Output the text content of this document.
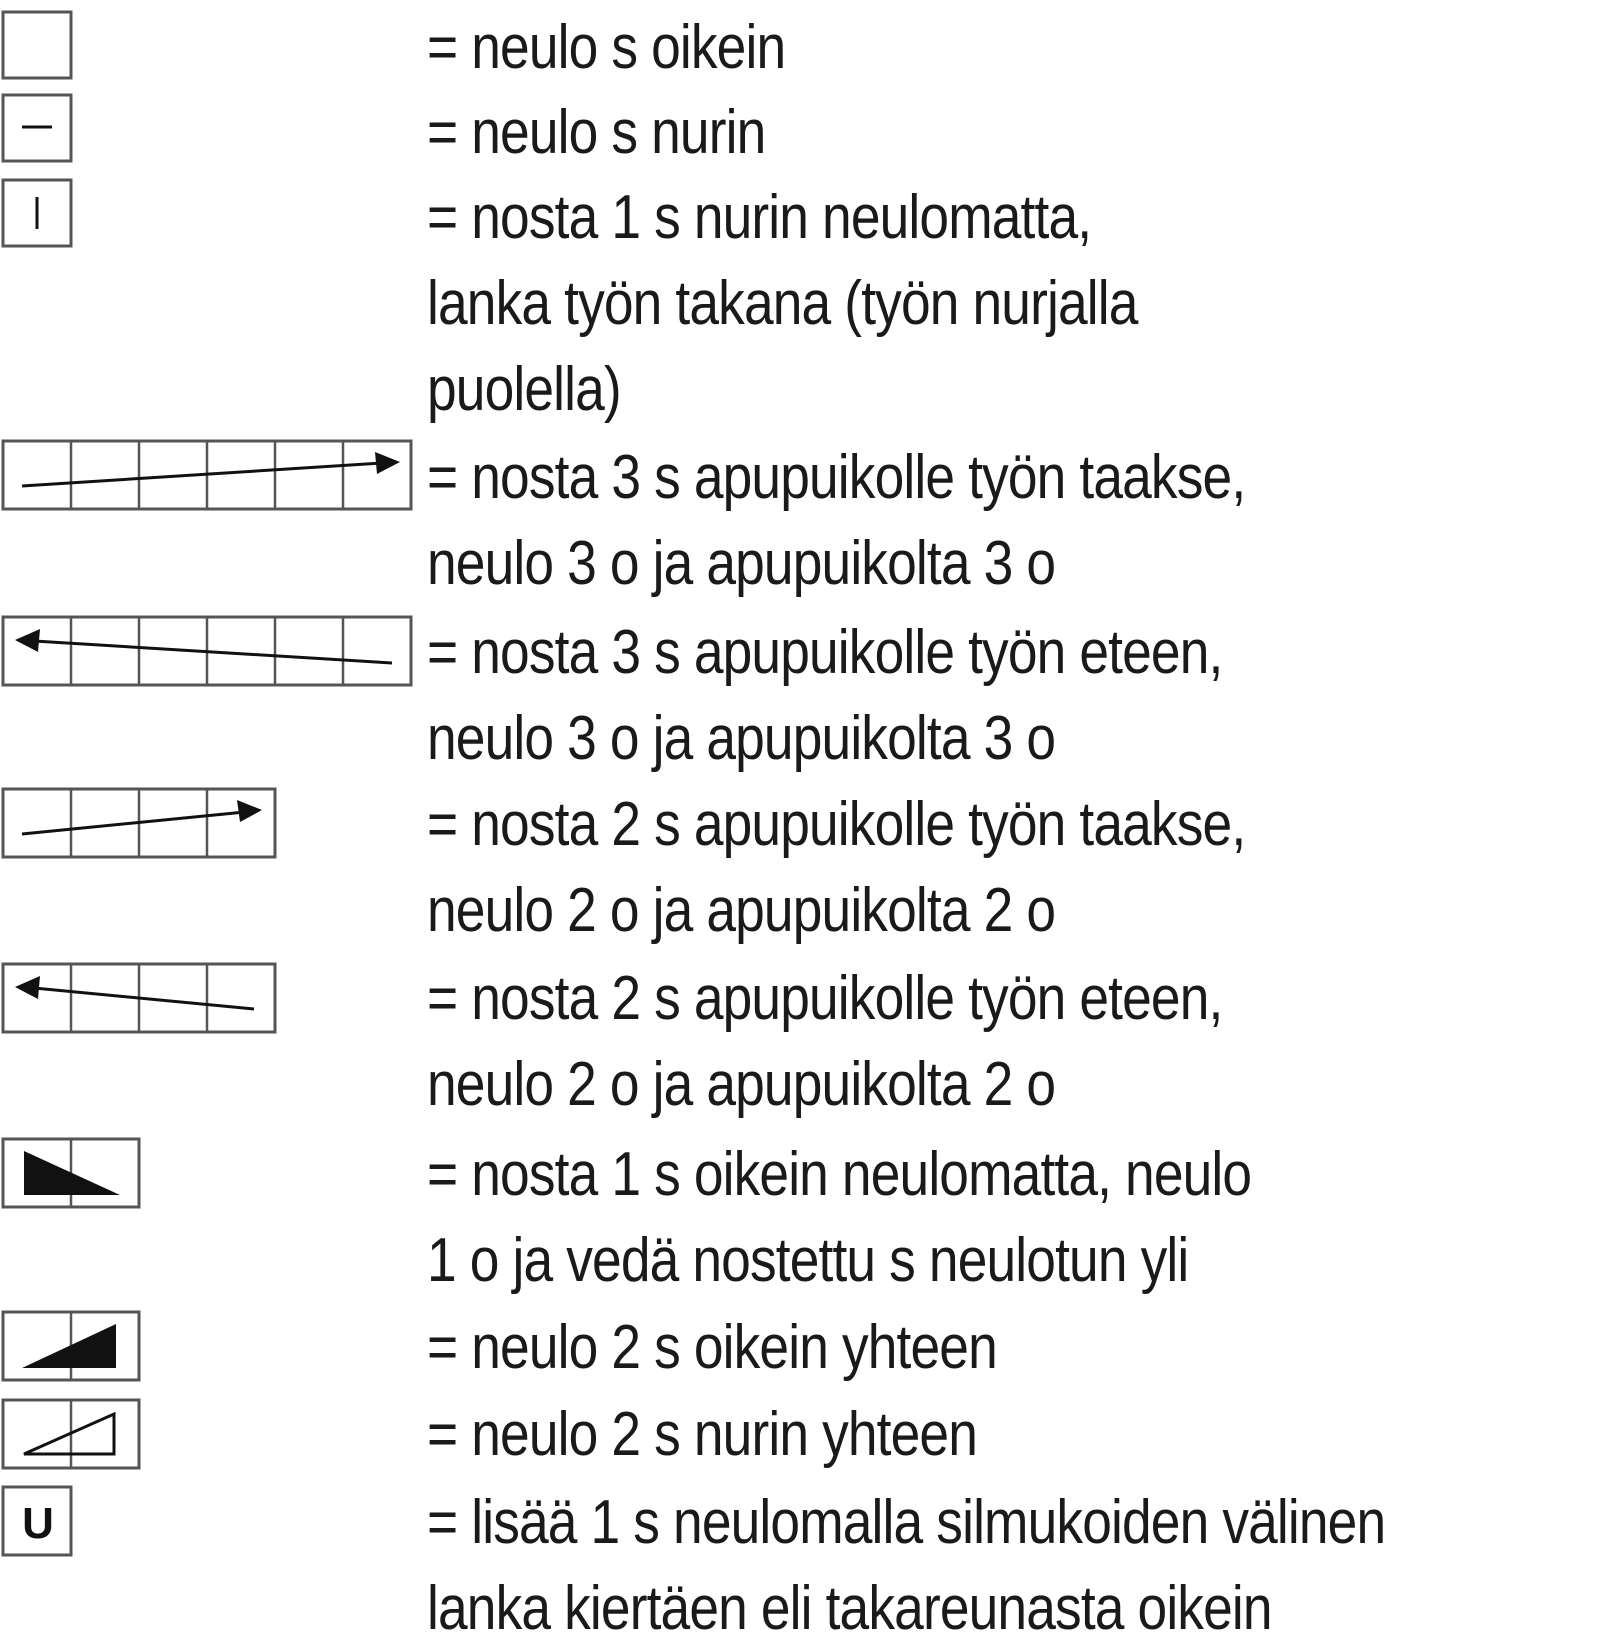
= neulo s oikein

= neulo s nurin

= nosta 1 s nurin neulomatta,
lanka työn takana (työn nurjalla
puolella)

= nosta 3 s apupuikolle työn taakse,
neulo 3 o ja apupuikolta 3 o

= nosta 3 s apupuikolle työn eteen,
neulo 3 o ja apupuikolta 3 o

= nosta 2 s apupuikolle työn taakse,
neulo 2 o ja apupuikolta 2 o

= nosta 2 s apupuikolle työn eteen,
neulo 2 o ja apupuikolta 2 o

= nosta 1 s oikein neulomatta, neulo
1 o ja vedä nostettu s neulotun yli

= neulo 2 s oikein yhteen

= neulo 2 s nurin yhteen

U	= lisää 1 s neulomalla silmukoiden välinen
lanka kiertäen eli takareunasta oikein
